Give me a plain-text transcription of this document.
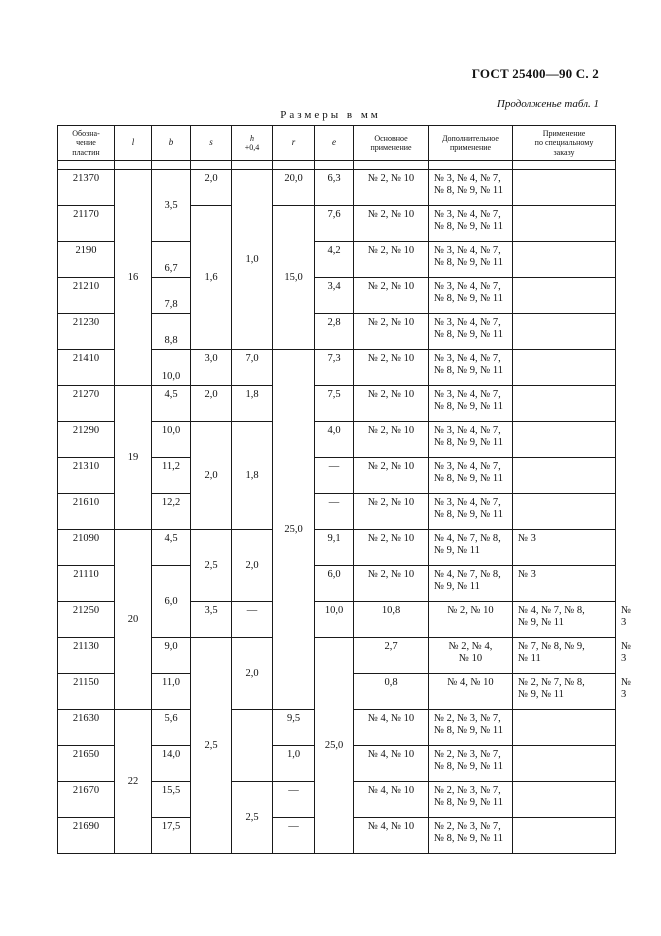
ГОСТ 25400—90 С. 2
Продолженье табл. 1
Размеры в мм
Обозна-
чение
пластин	l	b	s	h
+0,4	r	e	Основное
применение	Дополнительное
применение	Применение
по специальному
заказу	

21370	16	3,5	2,0	1,0	20,0	6,3	№ 2, № 10	№ 3, № 4, № 7,
№ 8, № 9, № 11		
21170			1,6		15,0	7,6	№ 2, № 10	№ 3, № 4, № 7,
№ 8, № 9, № 11		
2190		6,7				4,2	№ 2, № 10	№ 3, № 4, № 7,
№ 8, № 9, № 11		
21210		7,8				3,4	№ 2, № 10	№ 3, № 4, № 7,
№ 8, № 9, № 11		
21230		8,8				2,8	№ 2, № 10	№ 3, № 4, № 7,
№ 8, № 9, № 11		
21410		10,0	3,0	7,0	25,0	7,3	№ 2, № 10	№ 3, № 4, № 7,
№ 8, № 9, № 11		
21270	19	4,5	2,0	1,8		7,5	№ 2, № 10	№ 3, № 4, № 7,
№ 8, № 9, № 11		
21290		10,0	2,0	1,8		4,0	№ 2, № 10	№ 3, № 4, № 7,
№ 8, № 9, № 11		
21310		11,2				—	№ 2, № 10	№ 3, № 4, № 7,
№ 8, № 9, № 11		
21610		12,2				—	№ 2, № 10	№ 3, № 4, № 7,
№ 8, № 9, № 11		
21090	20	4,5	2,5	2,0		9,1	№ 2, № 10	№ 4, № 7, № 8,
№ 9, № 11	№ 3	
21110		6,0				6,0	№ 2, № 10	№ 4, № 7, № 8,
№ 9, № 11	№ 3	
21250			3,5	—		10,0	10,8	№ 2, № 10	№ 4, № 7, № 8,
№ 9, № 11	№ 3
21130		9,0	2,5	2,0		25,0	2,7	№ 2, № 4,
№ 10	№ 7, № 8, № 9,
№ 11	№ 3
21150		11,0					0,8	№ 4, № 10	№ 2, № 7, № 8,
№ 9, № 11	№ 3
21630	22	5,6			9,5		№ 4, № 10	№ 2, № 3, № 7,
№ 8, № 9, № 11		
21650		14,0			1,0		№ 4, № 10	№ 2, № 3, № 7,
№ 8, № 9, № 11		
21670		15,5		2,5	—		№ 4, № 10	№ 2, № 3, № 7,
№ 8, № 9, № 11		
21690		17,5			—		№ 4, № 10	№ 2, № 3, № 7,
№ 8, № 9, № 11		
